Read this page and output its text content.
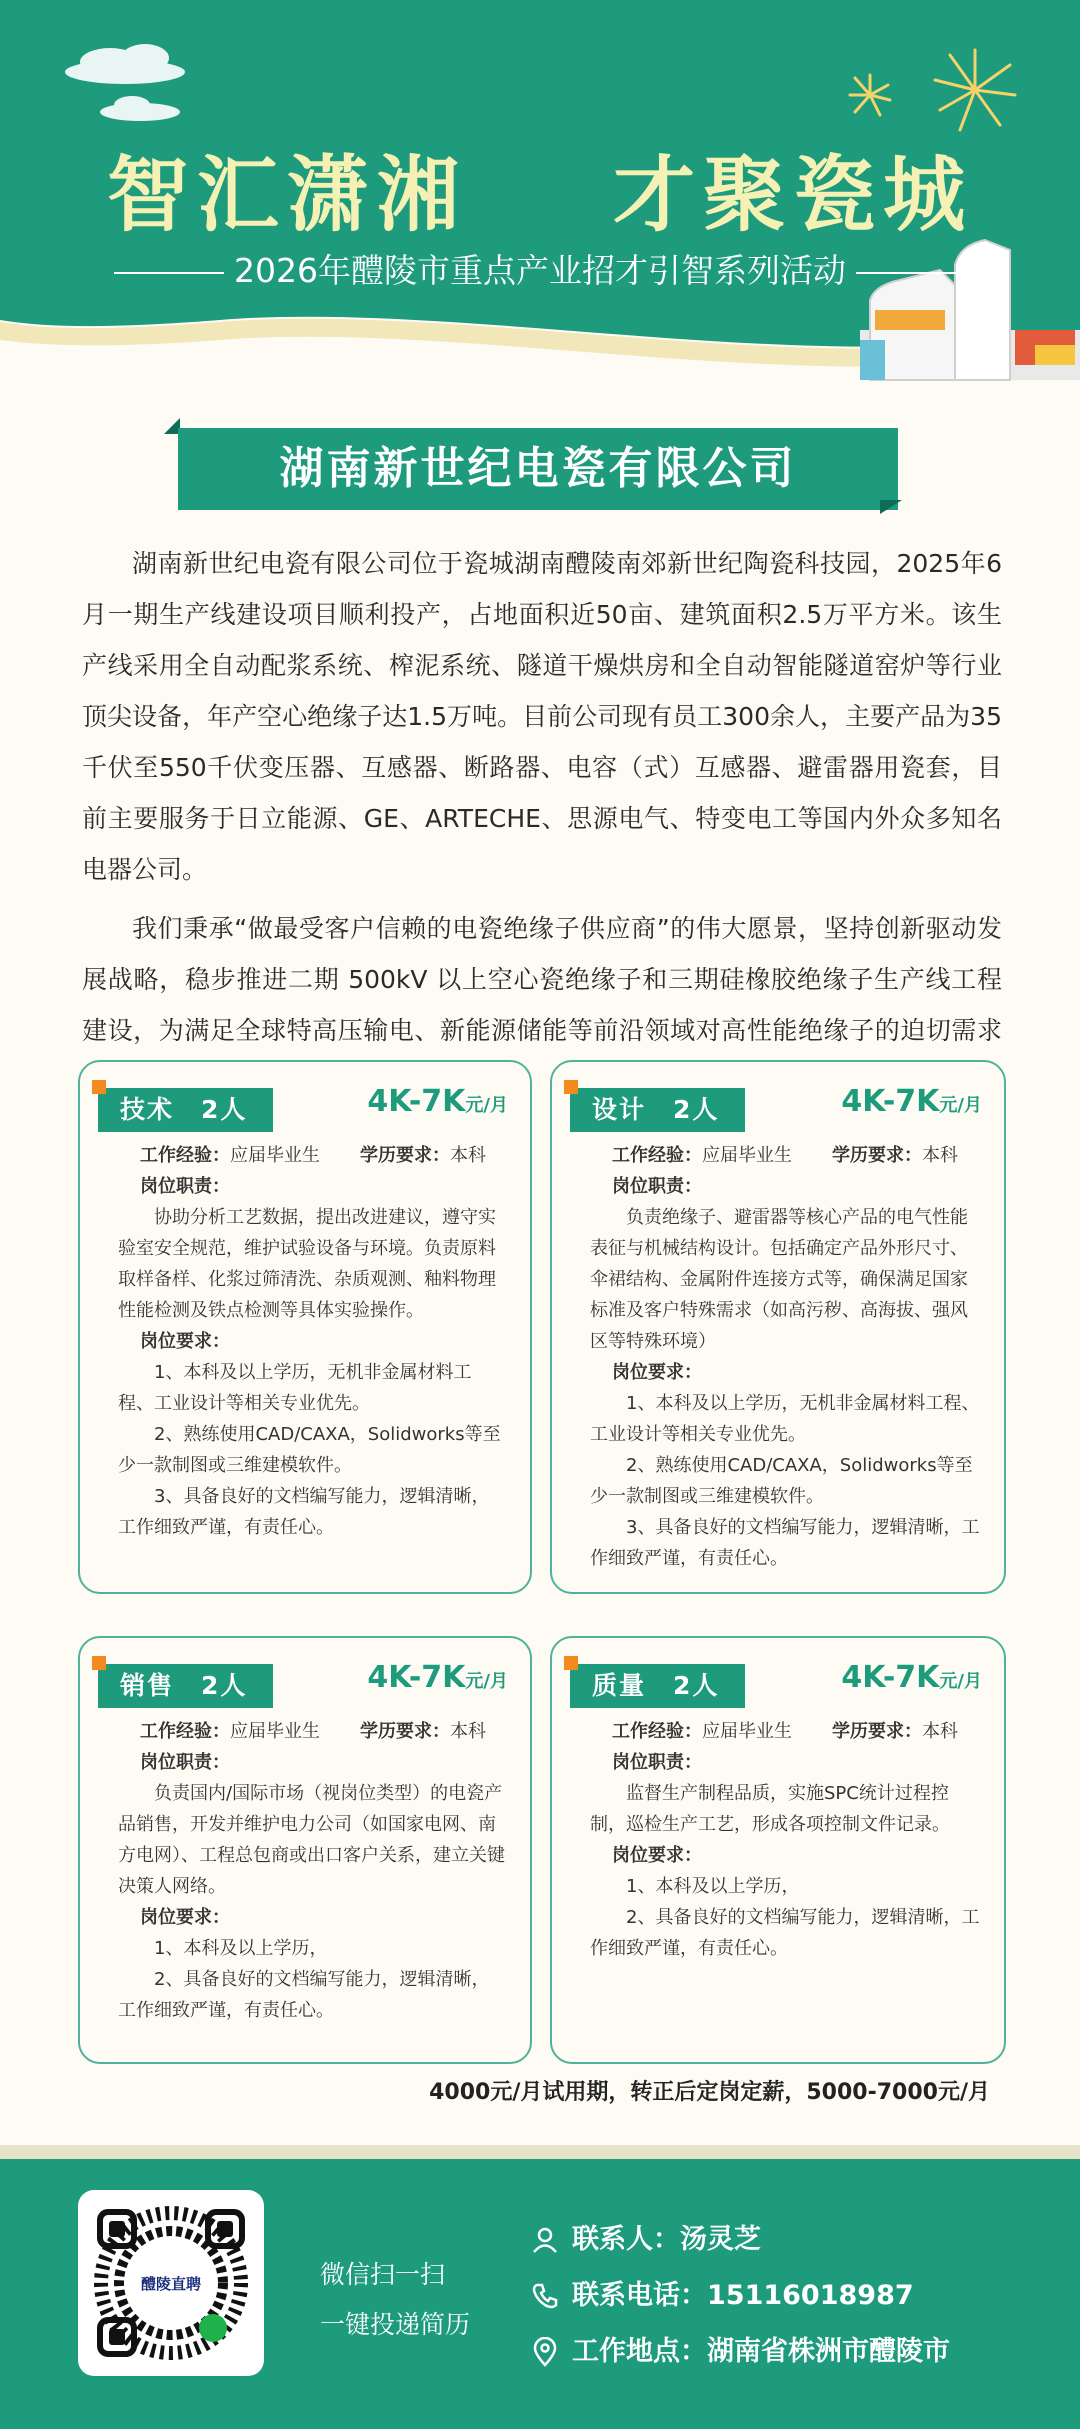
智汇潇湘    才聚瓷城
2026年醴陵市重点产业招才引智系列活动
湖南新世纪电瓷有限公司

湖南新世纪电瓷有限公司位于瓷城湖南醴陵南郊新世纪陶瓷科技园，2025年6月一期生产线建设项目顺利投产，占地面积近50亩、建筑面积2.5万平方米。该生产线采用全自动配浆系统、榨泥系统、隧道干燥烘房和全自动智能隧道窑炉等行业顶尖设备，年产空心绝缘子达1.5万吨。目前公司现有员工300余人，主要产品为35千伏至550千伏变压器、互感器、断路器、电容（式）互感器、避雷器用瓷套，目前主要服务于日立能源、GE、ARTECHE、思源电气、特变电工等国内外众多知名电器公司。

我们秉承“做最受客户信赖的电瓷绝缘子供应商”的伟大愿景，坚持创新驱动发展战略，稳步推进二期 500kV 以上空心瓷绝缘子和三期硅橡胶绝缘子生产线工程建设，为满足全球特高压输电、新能源储能等前沿领域对高性能绝缘子的迫切需求

技术　2人	4K-7K元/月
工作经验：应届毕业生 学历要求：本科
岗位职责：

协助分析工艺数据，提出改进建议，遵守实验室安全规范，维护试验设备与环境。负责原料取样备样、化浆过筛清洗、杂质观测、釉料物理性能检测及铁点检测等具体实验操作。

岗位要求：

1、本科及以上学历，无机非金属材料工程、工业设计等相关专业优先。

2、熟练使用CAD/CAXA，Solidworks等至少一款制图或三维建模软件。

3、具备良好的文档编写能力，逻辑清晰，工作细致严谨，有责任心。

设计　2人	4K-7K元/月
工作经验：应届毕业生 学历要求：本科
岗位职责：

负责绝缘子、避雷器等核心产品的电气性能表征与机械结构设计。包括确定产品外形尺寸、伞裙结构、金属附件连接方式等，确保满足国家标准及客户特殊需求（如高污秽、高海拔、强风区等特殊环境）

岗位要求：

1、本科及以上学历，无机非金属材料工程、工业设计等相关专业优先。

2、熟练使用CAD/CAXA，Solidworks等至少一款制图或三维建模软件。

3、具备良好的文档编写能力，逻辑清晰，工作细致严谨，有责任心。

销售　2人	4K-7K元/月
工作经验：应届毕业生 学历要求：本科
岗位职责：

负责国内/国际市场（视岗位类型）的电瓷产品销售，开发并维护电力公司（如国家电网、南方电网）、工程总包商或出口客户关系，建立关键决策人网络。

岗位要求：

1、本科及以上学历，

2、具备良好的文档编写能力，逻辑清晰，工作细致严谨，有责任心。

质量　2人	4K-7K元/月
工作经验：应届毕业生 学历要求：本科
岗位职责：

监督生产制程品质，实施SPC统计过程控制，巡检生产工艺，形成各项控制文件记录。

岗位要求：

1、本科及以上学历，

2、具备良好的文档编写能力，逻辑清晰，工作细致严谨，有责任心。

4000元/月试用期，转正后定岗定薪，5000-7000元/月
醴陵直聘	微信扫一扫
一键投递简历
联系人：汤灵芝
联系电话：15116018987
工作地点：湖南省株洲市醴陵市
